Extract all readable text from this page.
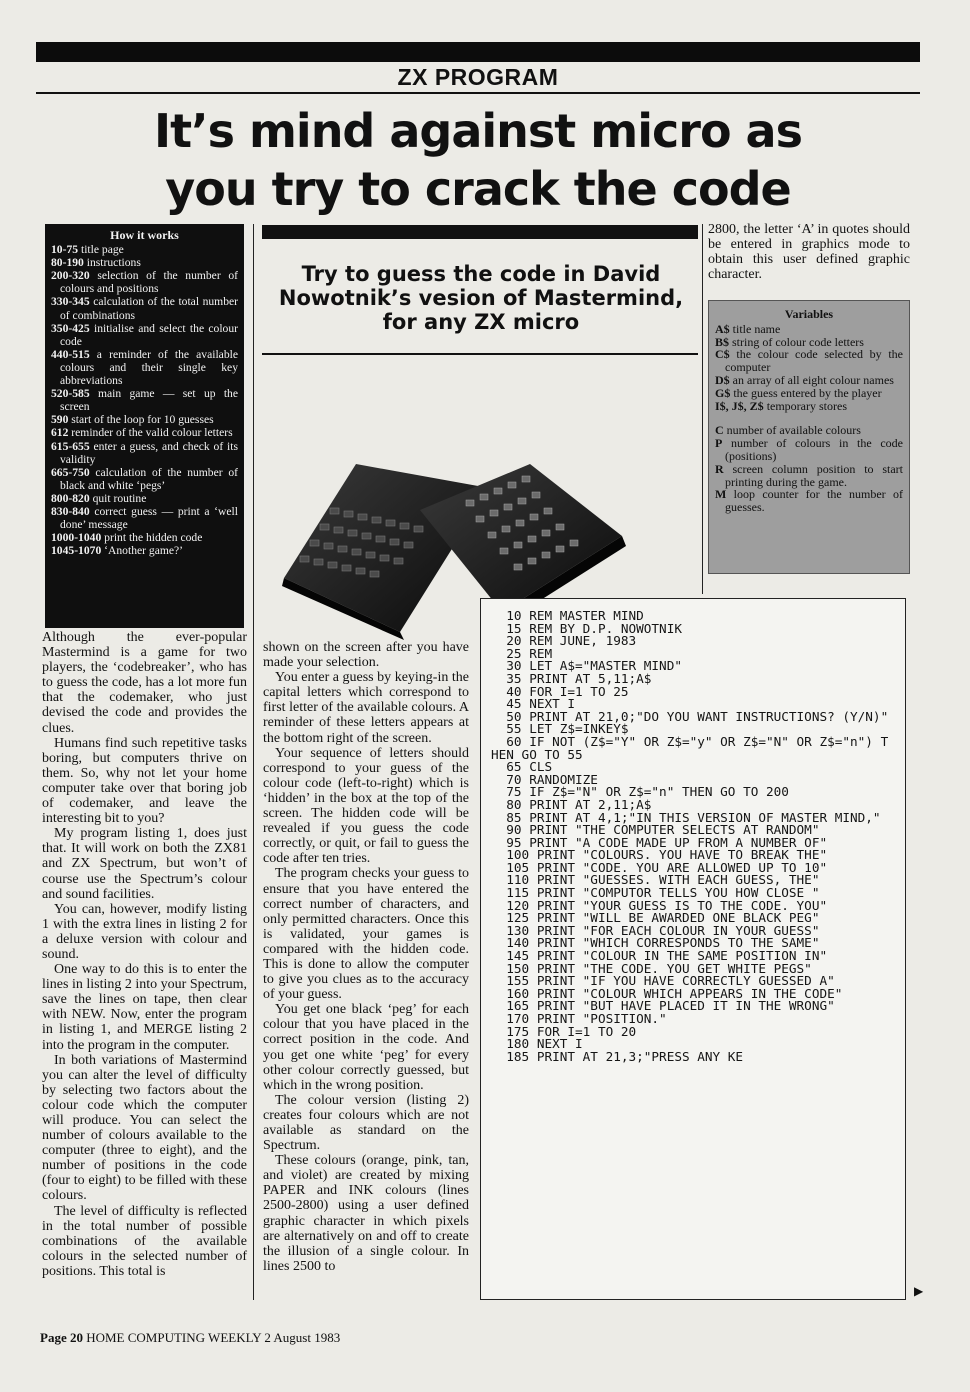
ZX PROGRAM
It’s mind against micro as
you try to crack the code
How it works
10-75 title page
80-190 instructions
200-320 selection of the number of colours and positions
330-345 calculation of the total number of combinations
350-425 initialise and select the colour code
440-515 a reminder of the available colours and their single key abbreviations
520-585 main game — set up the screen
590 start of the loop for 10 guesses
612 reminder of the valid colour letters
615-655 enter a guess, and check of its validity
665-750 calculation of the number of black and white ‘pegs’
800-820 quit routine
830-840 correct guess — print a ‘well done’ message
1000-1040 print the hidden code
1045-1070 ‘Another game?’

Although the ever-popular Mastermind is a game for two players, the ‘codebreaker’, who has to guess the code, has a lot more fun that the codemaker, who just devised the code and provides the clues.

Humans find such repetitive tasks boring, but computers thrive on them. So, why not let your home computer take over that boring job of codemaker, and leave the interesting bit to you?

My program listing 1, does just that. It will work on both the ZX81 and ZX Spectrum, but won’t of course use the Spectrum’s colour and sound facilities.

You can, however, modify listing 1 with the extra lines in listing 2 for a deluxe version with colour and sound.

One way to do this is to enter the lines in listing 2 into your Spectrum, save the lines on tape, then clear with NEW. Now, enter the program in listing 1, and MERGE listing 2 into the program in the computer.

In both variations of Mastermind you can alter the level of difficulty by selecting two factors about the colour code which the computer will produce. You can select the number of colours available to the computer (three to eight), and the number of positions in the code (four to eight) to be filled with these colours.

The level of difficulty is reflected in the total number of possible combinations of the available colours in the selected number of positions. This total is

Try to guess the code in David Nowotnik’s vesion of Mastermind, for any ZX micro

shown on the screen after you have made your selection.

You enter a guess by keying-in the capital letters which correspond to first letter of the available colours. A reminder of these letters appears at the bottom right of the screen.

Your sequence of letters should correspond to your guess of the colour code (left-to-right) which is ‘hidden’ in the box at the top of the screen. The hidden code will be revealed if you guess the code correctly, or quit, or fail to guess the code after ten tries.

The program checks your guess to ensure that you have entered the correct number of characters, and only permitted characters. Once this is validated, your games is compared with the hidden code. This is done to allow the computer to give you clues as to the accuracy of your guess.

You get one black ‘peg’ for each colour that you have placed in the correct position in the code. And you get one white ‘peg’ for every other colour correctly guessed, but which in the wrong position.

The colour version (listing 2) creates four colours which are not available as standard on the Spectrum.

These colours (orange, pink, tan, and violet) are created by mixing PAPER and INK colours (lines 2500-2800) using a user defined graphic character in which pixels are alternatively on and off to create the illusion of a single colour. In lines 2500 to

2800, the letter ‘A’ in quotes should be entered in graphics mode to obtain this user defined graphic character.

Variables
A$ title name
B$ string of colour code letters
C$ the colour code selected by the computer
D$ an array of all eight colour names
G$ the guess entered by the player
I$, J$, Z$ temporary stores
C number of available colours
P number of colours in the code (positions)
R screen column position to start printing during the game.
M loop counter for the number of guesses.
10 REM MASTER MIND
15 REM BY D.P. NOWOTNIK
20 REM JUNE, 1983
25 REM
30 LET A$="MASTER MIND"
35 PRINT AT 5,11;A$
40 FOR I=1 TO 25
45 NEXT I
50 PRINT AT 21,0;"DO YOU WANT INSTRUCTIONS? (Y/N)"
55 LET Z$=INKEY$
60 IF NOT (Z$="Y" OR Z$="y" OR Z$="N" OR Z$="n") THEN GO TO 55
65 CLS
70 RANDOMIZE
75 IF Z$="N" OR Z$="n" THEN GO TO 200
80 PRINT AT 2,11;A$
85 PRINT AT 4,1;"IN THIS VERSION OF MASTER MIND,"
90 PRINT "THE COMPUTER SELECTS AT RANDOM"
95 PRINT "A CODE MADE UP FROM A NUMBER OF"
100 PRINT "COLOURS. YOU HAVE TO BREAK THE"
105 PRINT "CODE. YOU ARE ALLOWED UP TO 10"
110 PRINT "GUESSES. WITH EACH GUESS, THE"
115 PRINT "COMPUTOR TELLS YOU HOW CLOSE "
120 PRINT "YOUR GUESS IS TO THE CODE. YOU"
125 PRINT "WILL BE AWARDED ONE BLACK PEG"
130 PRINT "FOR EACH COLOUR IN YOUR GUESS"
140 PRINT "WHICH CORRESPONDS TO THE SAME"
145 PRINT "COLOUR IN THE SAME POSITION IN"
150 PRINT "THE CODE. YOU GET WHITE PEGS"
155 PRINT "IF YOU HAVE CORRECTLY GUESSED A"
160 PRINT "COLOUR WHICH APPEARS IN THE CODE"
165 PRINT "BUT HAVE PLACED IT IN THE WRONG"
170 PRINT "POSITION."
175 FOR I=1 TO 20
180 NEXT I
185 PRINT AT 21,3;"PRESS ANY KE
▶
Page 20 HOME COMPUTING WEEKLY 2 August 1983
